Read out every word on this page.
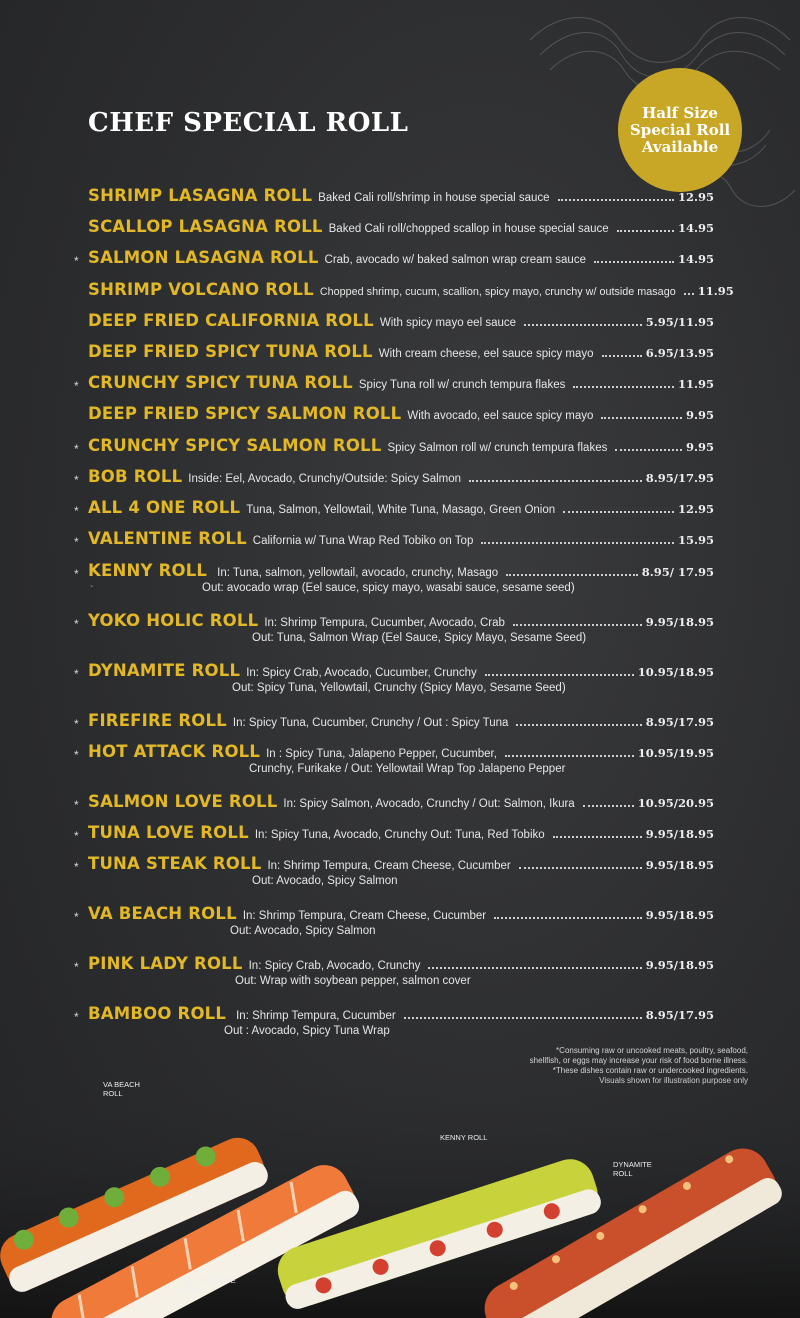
CHEF SPECIAL ROLL	Half Size
Special Roll
Available
SHRIMP LASAGNA ROLL Baked Cali roll/shrimp in house special sauce	12.95
SCALLOP LASAGNA ROLL Baked Cali roll/chopped scallop in house special sauce	14.95
* SALMON LASAGNA ROLL Crab, avocado w/ baked salmon wrap cream sauce	14.95
SHRIMP VOLCANO ROLL Chopped shrimp, cucum, scallion, spicy mayo, crunchy w/ outside masago 11.95
DEEP FRIED CALIFORNIA ROLL With spicy mayo eel sauce	5.95/11.95
DEEP FRIED SPICY TUNA ROLL With cream cheese, eel sauce spicy mayo	6.95/13.95
* CRUNCHY SPICY TUNA ROLL Spicy Tuna roll w/ crunch tempura flakes	11.95
DEEP FRIED SPICY SALMON ROLL With avocado, eel sauce spicy mayo	9.95
* CRUNCHY SPICY SALMON ROLL Spicy Salmon roll w/ crunch tempura flakes	9.95
* BOB ROLL Inside: Eel, Avocado, Crunchy/Outside: Spicy Salmon	8.95/17.95
* ALL 4 ONE ROLL Tuna, Salmon, Yellowtail, White Tuna, Masago, Green Onion	12.95
* VALENTINE ROLL California w/ Tuna Wrap Red Tobiko on Top	15.95
* KENNY ROLL In: Tuna, salmon, yellowtail, avocado, crunchy, Masago	8.95/ 17.95
Out: avocado wrap (Eel sauce, spicy mayo, wasabi sauce, sesame seed)
`
* YOKO HOLIC ROLL In: Shrimp Tempura, Cucumber, Avocado, Crab	9.95/18.95
Out: Tuna, Salmon Wrap (Eel Sauce, Spicy Mayo, Sesame Seed)
* DYNAMITE ROLL In: Spicy Crab, Avocado, Cucumber, Crunchy	10.95/18.95
Out: Spicy Tuna, Yellowtail, Crunchy (Spicy Mayo, Sesame Seed)
* FIREFIRE ROLL In: Spicy Tuna, Cucumber, Crunchy / Out : Spicy Tuna	8.95/17.95
* HOT ATTACK ROLL In : Spicy Tuna, Jalapeno Pepper, Cucumber,	10.95/19.95
Crunchy, Furikake / Out: Yellowtail Wrap Top Jalapeno Pepper
* SALMON LOVE ROLL In: Spicy Salmon, Avocado, Crunchy / Out: Salmon, Ikura	10.95/20.95
* TUNA LOVE ROLL In: Spicy Tuna, Avocado, Crunchy Out: Tuna, Red Tobiko	9.95/18.95
* TUNA STEAK ROLL In: Shrimp Tempura, Cream Cheese, Cucumber	9.95/18.95
Out: Avocado, Spicy Salmon
* VA BEACH ROLL In: Shrimp Tempura, Cream Cheese, Cucumber	9.95/18.95
Out: Avocado, Spicy Salmon
* PINK LADY ROLL In: Spicy Crab, Avocado, Crunchy	9.95/18.95
Out: Wrap with soybean pepper, salmon cover
* BAMBOO ROLL In: Shrimp Tempura, Cucumber	8.95/17.95
Out : Avocado, Spicy Tuna Wrap
*Consuming raw or uncooked meats, poultry, seafood,
shellfish, or eggs may increase your risk of food borne illness.
VA BEACH
ROLL
KENNY ROLL
DYNAMITE
ROLL
SALMON LOVE
ROLL
